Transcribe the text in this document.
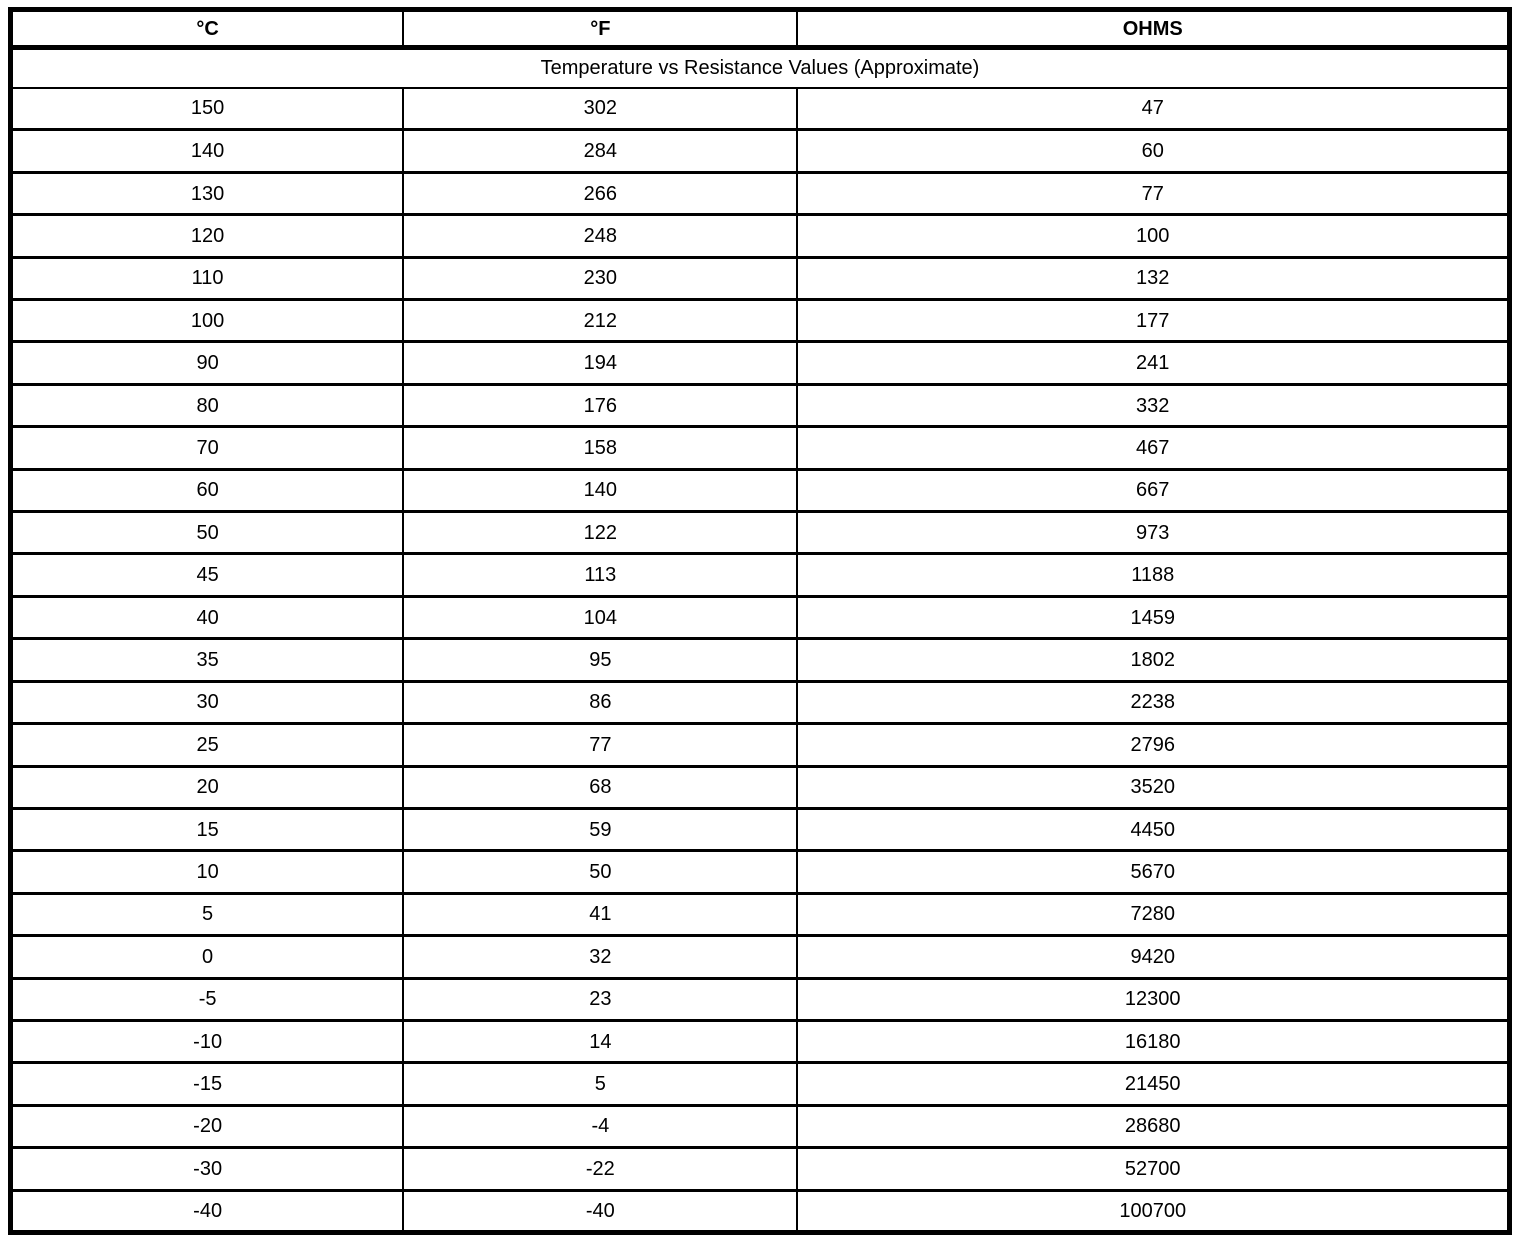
°C	°F	OHMS
Temperature vs Resistance Values (Approximate)		
150	302	47
140	284	60
130	266	77
120	248	100
110	230	132
100	212	177
90	194	241
80	176	332
70	158	467
60	140	667
50	122	973
45	113	1188
40	104	1459
35	95	1802
30	86	2238
25	77	2796
20	68	3520
15	59	4450
10	50	5670
5	41	7280
0	32	9420
-5	23	12300
-10	14	16180
-15	5	21450
-20	-4	28680
-30	-22	52700
-40	-40	100700
